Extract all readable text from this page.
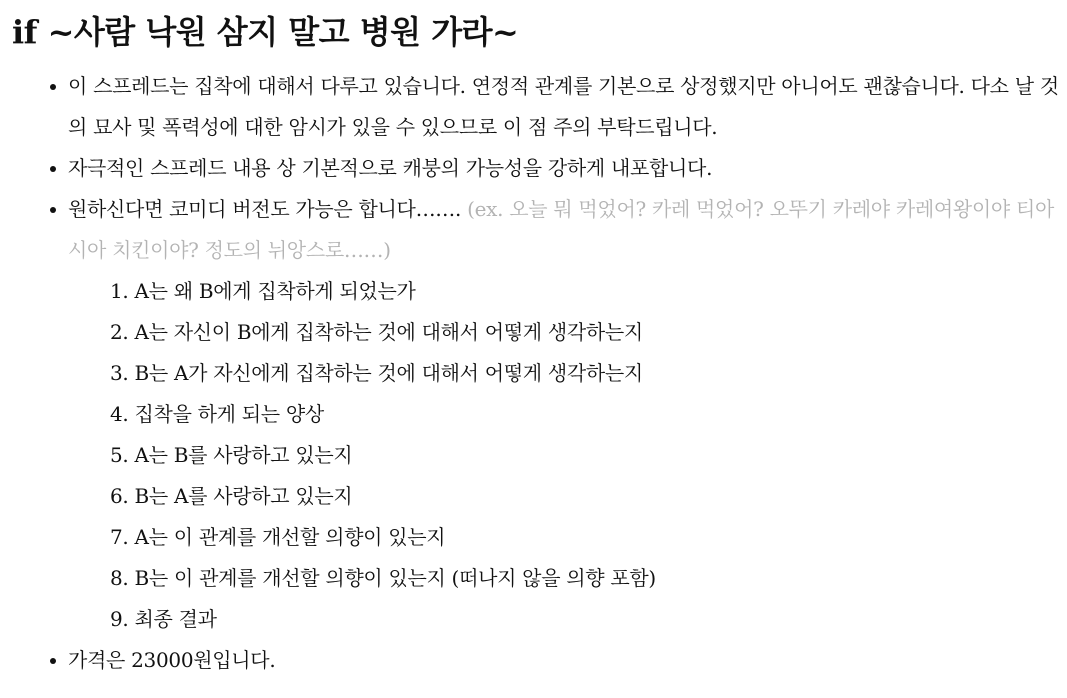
if ~사람 낙원 삼지 말고 병원 가라~
이 스프레드는 집착에 대해서 다루고 있습니다. 연정적 관계를 기본으로 상정했지만 아니어도 괜찮습니다. 다소 날 것의 묘사 및 폭력성에 대한 암시가 있을 수 있으므로 이 점 주의 부탁드립니다.
자극적인 스프레드 내용 상 기본적으로 캐붕의 가능성을 강하게 내포합니다.
원하신다면 코미디 버전도 가능은 합니다……. (ex. 오늘 뭐 먹었어? 카레 먹었어? 오뚜기 카레야 카레여왕이야 티아시아 치킨이야? 정도의 뉘앙스로……)
1. A는 왜 B에게 집착하게 되었는가
2. A는 자신이 B에게 집착하는 것에 대해서 어떻게 생각하는지
3. B는 A가 자신에게 집착하는 것에 대해서 어떻게 생각하는지
4. 집착을 하게 되는 양상
5. A는 B를 사랑하고 있는지
6. B는 A를 사랑하고 있는지
7. A는 이 관계를 개선할 의향이 있는지
8. B는 이 관계를 개선할 의향이 있는지 (떠나지 않을 의향 포함)
9. 최종 결과
가격은 23000원입니다.
